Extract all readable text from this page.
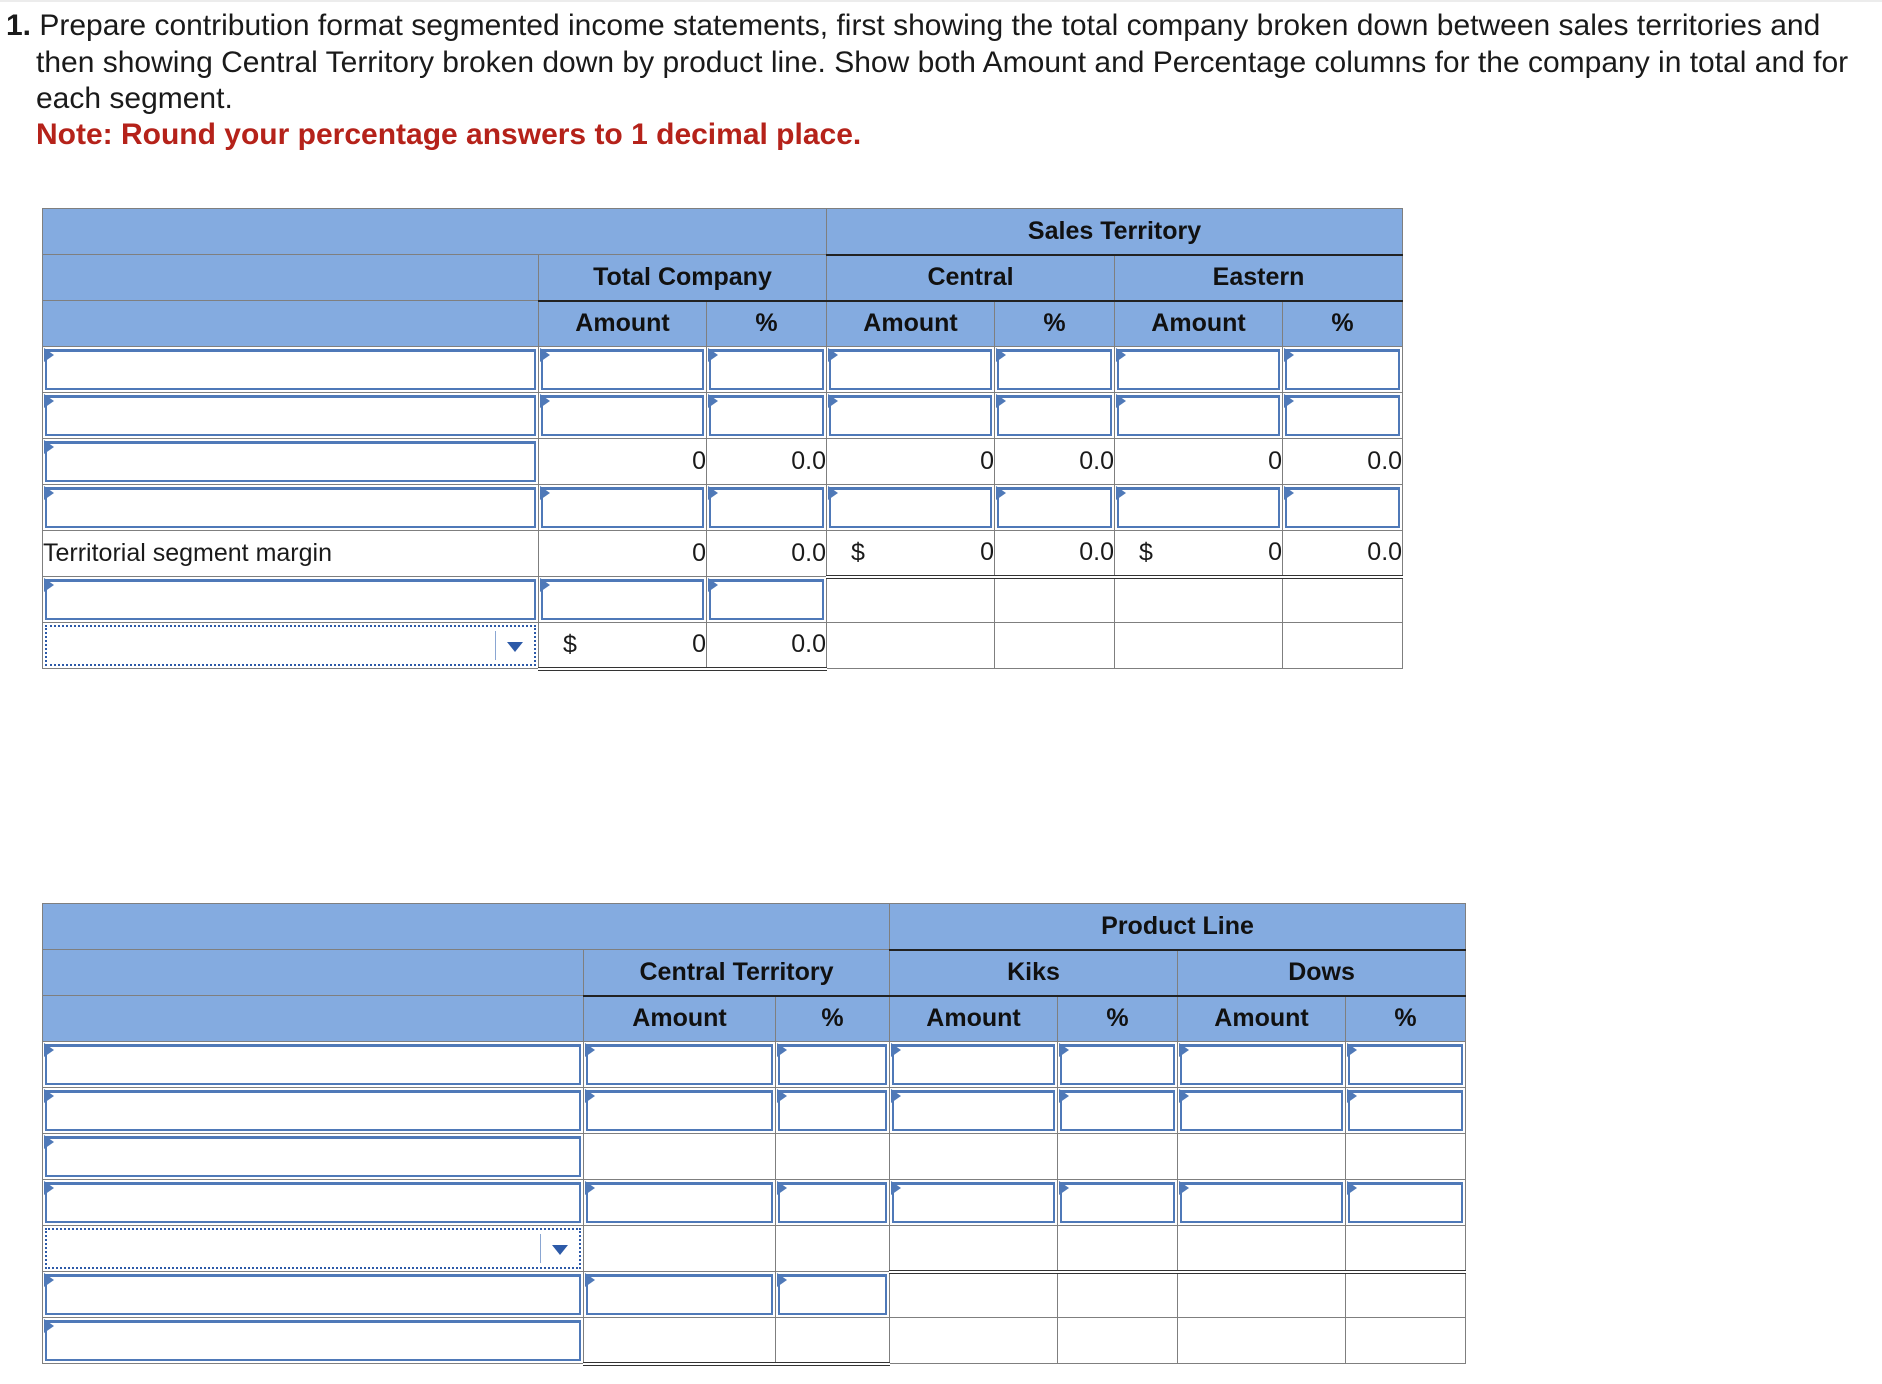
1. Prepare contribution format segmented income statements, first showing the total company broken down between sales territories and then showing Central Territory broken down by product line. Show both Amount and Percentage columns for the company in total and for each segment.
Note: Round your percentage answers to 1 decimal place.
			Sales Territory			
	Total Company		Central		Eastern	
	Amount	%	Amount	%	Amount	%

	0	0.0	0	0.0	0	0.0

Territorial segment margin	0	0.0	$ 0	0.0	$ 0	0.0

	$ 0	0.0				
			Product Line			
	Central Territory		Kiks		Dows	
	Amount	%	Amount	%	Amount	%
